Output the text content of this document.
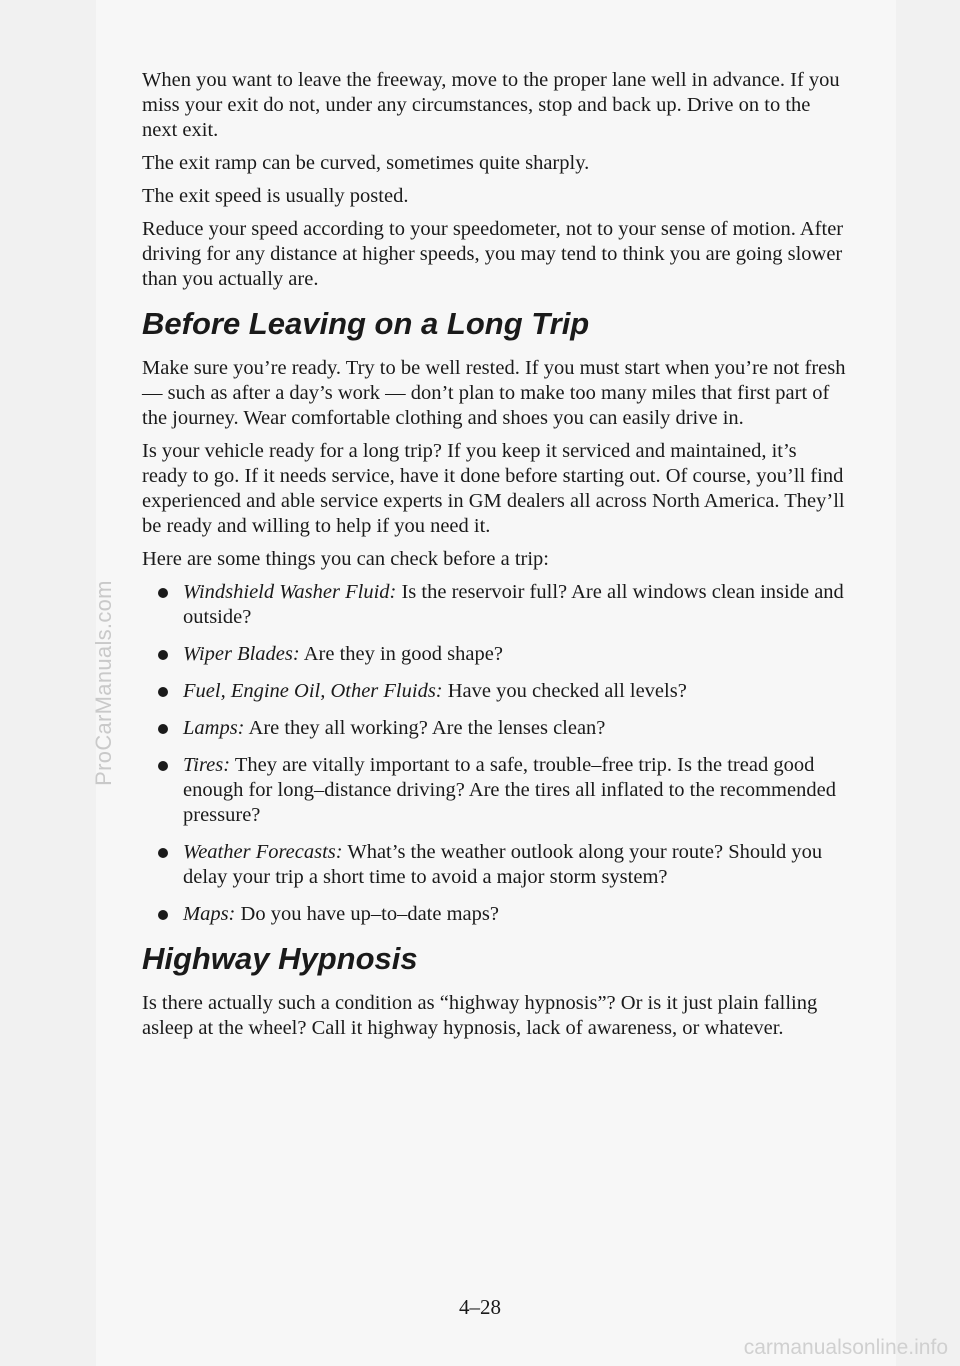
ProCarManuals.com
carmanualsonline.info

When you want to leave the freeway, move to the proper lane well in advance. If you miss your exit do not, under any circumstances, stop and back up. Drive on to the next exit.

The exit ramp can be curved, sometimes quite sharply.

The exit speed is usually posted.

Reduce your speed according to your speedometer, not to your sense of motion. After driving for any distance at higher speeds, you may tend to think you are going slower than you actually are.

Before Leaving on a Long Trip

Make sure you’re ready. Try to be well rested. If you must start when you’re not fresh — such as after a day’s work — don’t plan to make too many miles that first part of the journey. Wear comfortable clothing and shoes you can easily drive in.

Is your vehicle ready for a long trip? If you keep it serviced and maintained, it’s ready to go. If it needs service, have it done before starting out. Of course, you’ll find experienced and able service experts in GM dealers all across North America. They’ll be ready and willing to help if you need it.

Here are some things you can check before a trip:

Windshield Washer Fluid: Is the reservoir full? Are all windows clean inside and outside?
Wiper Blades: Are they in good shape?
Fuel, Engine Oil, Other Fluids: Have you checked all levels?
Lamps: Are they all working? Are the lenses clean?
Tires: They are vitally important to a safe, trouble–free trip. Is the tread good enough for long–distance driving? Are the tires all inflated to the recommended pressure?
Weather Forecasts: What’s the weather outlook along your route? Should you delay your trip a short time to avoid a major storm system?
Maps: Do you have up–to–date maps?
Highway Hypnosis

Is there actually such a condition as “highway hypnosis”? Or is it just plain falling asleep at the wheel? Call it highway hypnosis, lack of awareness, or whatever.

4–28
